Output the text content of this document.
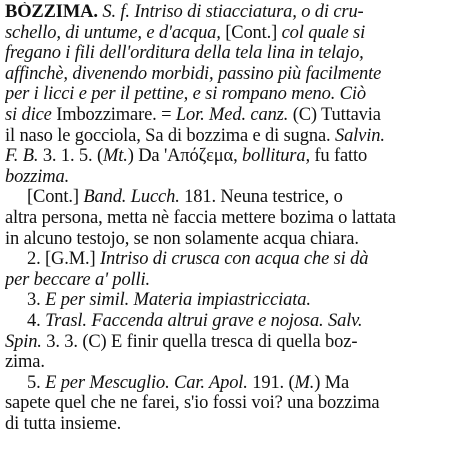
BÒZZIMA. S. f. Intriso di stiacciatura, o di cru-
schello, di untume, e d'acqua, [Cont.] col quale si
fregano i fili dell'orditura della tela lina in telajo,
affinchè, divenendo morbidi, passino più facilmente
per i licci e per il pettine, e si rompano meno. Ciò
si dice Imbozzimare. = Lor. Med. canz. (C) Tuttavia
il naso le gocciola, Sa di bozzima e di sugna. Salvin.
F. B. 3. 1. 5. (Mt.) Da 'Απόζεμα, bollitura, fu fatto
bozzima.
[Cont.] Band. Lucch. 181. Neuna testrice, o
altra persona, metta nè faccia mettere bozima o lattata
in alcuno testojo, se non solamente acqua chiara.
2. [G.M.] Intriso di crusca con acqua che si dà
per beccare a' polli.
3. E per simil. Materia impiastricciata.
4. Trasl. Faccenda altrui grave e nojosa. Salv.
Spin. 3. 3. (C) E finir quella tresca di quella boz-
zima.
5. E per Mescuglio. Car. Apol. 191. (M.) Ma
sapete quel che ne farei, s'io fossi voi? una bozzima
di tutta insieme.
